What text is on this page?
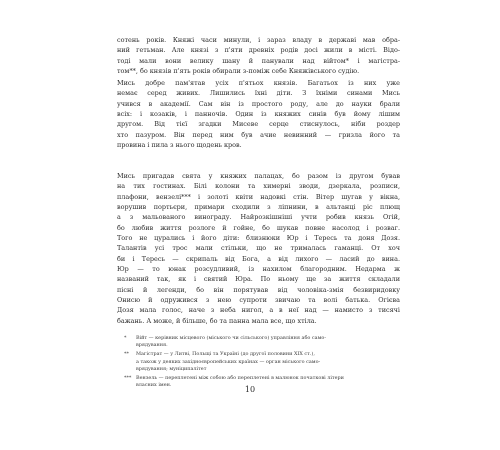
сотень років. Княжі часи минули, і зараз владу в державі мав обра-
ний гетьман. Але князі з п'яти древніх родів досі жили в місті. Відо-
тоді мали вони велику шану й панували над війтом* і магістра-
том**, бо князів п'ять років обирали з-поміж себе Княжівського судію.
Мись добре пам'ятав усіх п'ятьох князів. Багатьох із них уже
немає серед живих. Лишились їхні діти. З їхніми синами Мись
учився в академії. Сам він із простого роду, але до науки брали
всіх: і козаків, і панночів. Один із княжих синів був йому лішим
другом. Від тієї згадки Мисеве серце стиснулось, ніби роздер
хто пазуром. Він перед ним був ачие невинний — гризла його та
провина і пила з нього щодень кров.
Мись пригадав свята у княжих палацах, бо разом із другом бував
на тих гостинах. Білі колони та химерні зводи, дзеркала, розписи,
плафони, вензелі*** і золоті квіти надовкі стін. Вітер шугав у вікна,
ворушив портьєри, примари сходили з ліпнини, в альтанці ріс плющ
а з мальованого винограду. Найрозкішніші учти робив князь Огій,
бо любив життя розлоге й гойне, бо шукав повне насолод і розваг.
Того не цурались і його діти: близнюки Юр і Тересь та доня Дозя.
Талантів усі трос мали стільки, що не трималась гаманці. От хоч
би і Тересь — скрипаль від Бога, а від лихого — ласий до вина.
Юр — то юнак розсудливий, із нахилом благородним. Недарма ж
названий так, як і святий Юра. По ньому ще за життя складали
пісні й легенди, бо він порятував від чоловіка-змія безвиридовку
Онисю й одружився з нею супроти звичаю та волі батька. Огієва
Дозя мала голос, наче з неба нигол, а в неї над — намисто з тисячі
бажань. А може, й більше, бо та панна мала все, що хтіла.
*	Війт — керівник місцевого (міського чи сільського) управління або само-
врядування.
**	Магістрат — у Литві, Польщі та Україні (до другої половини XIX ст.),
а також у деяких західноєвропейських країнах — орган міського само-
врядування; муніципалітет
*** Вензель — переплетені між собою або переплетені в малюнок початкові літери
власних імен.	10
